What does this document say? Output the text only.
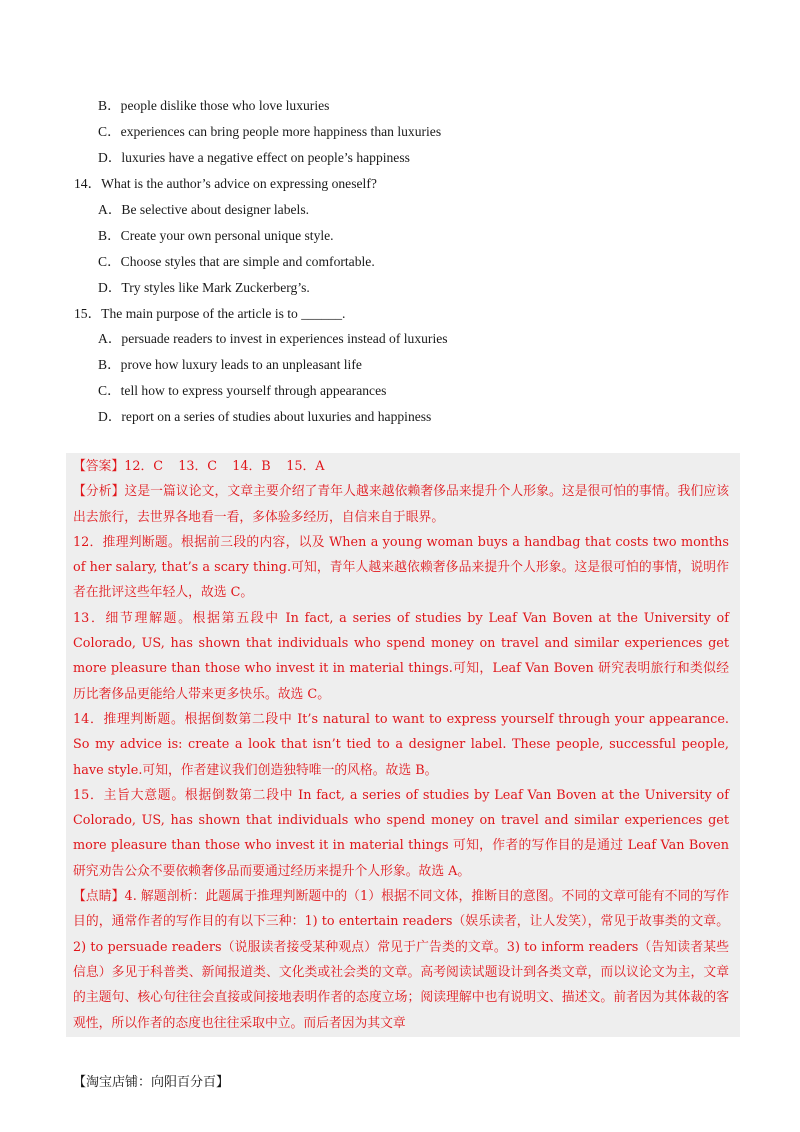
B．people dislike those who love luxuries
C．experiences can bring people more happiness than luxuries
D．luxuries have a negative effect on people’s happiness
14．What is the author’s advice on expressing oneself?
A．Be selective about designer labels.
B．Create your own personal unique style.
C．Choose styles that are simple and comfortable.
D．Try styles like Mark Zuckerberg’s.
15．The main purpose of the article is to ______.
A．persuade readers to invest in experiences instead of luxuries
B．prove how luxury leads to an unpleasant life
C．tell how to express yourself through appearances
D．report on a series of studies about luxuries and happiness

【答案】12．C 13．C 14．B 15．A

【分析】这是一篇议论文，文章主要介绍了青年人越来越依赖奢侈品来提升个人形象。这是很可怕的事情。我们应该出去旅行，去世界各地看一看，多体验多经历，自信来自于眼界。

12．推理判断题。根据前三段的内容，以及 When a young woman buys a handbag that costs two months of her salary, that’s a scary thing.可知，青年人越来越依赖奢侈品来提升个人形象。这是很可怕的事情，说明作者在批评这些年轻人，故选 C。

13．细节理解题。根据第五段中 In fact, a series of studies by Leaf Van Boven at the University of Colorado, US, has shown that individuals who spend money on travel and similar experiences get more pleasure than those who invest it in material things.可知，Leaf Van Boven 研究表明旅行和类似经历比奢侈品更能给人带来更多快乐。故选 C。

14．推理判断题。根据倒数第二段中 It’s natural to want to express yourself through your appearance. So my advice is: create a look that isn’t tied to a designer label. These people, successful people, have style.可知，作者建议我们创造独特唯一的风格。故选 B。

15．主旨大意题。根据倒数第二段中 In fact, a series of studies by Leaf Van Boven at the University of Colorado, US, has shown that individuals who spend money on travel and similar experiences get more pleasure than those who invest it in material things 可知，作者的写作目的是通过 Leaf Van Boven 研究劝告公众不要依赖奢侈品而要通过经历来提升个人形象。故选 A。

【点睛】4. 解题剖析：此题属于推理判断题中的（1）根据不同文体，推断目的意图。不同的文章可能有不同的写作目的，通常作者的写作目的有以下三种：1) to entertain readers（娱乐读者，让人发笑），常见于故事类的文章。2) to persuade readers（说服读者接受某种观点）常见于广告类的文章。3) to inform readers（告知读者某些信息）多见于科普类、新闻报道类、文化类或社会类的文章。高考阅读试题设计到各类文章，而以议论文为主，文章的主题句、核心句往往会直接或间接地表明作者的态度立场；阅读理解中也有说明文、描述文。前者因为其体裁的客观性，所以作者的态度也往往采取中立。而后者因为其文章

【淘宝店铺：向阳百分百】
